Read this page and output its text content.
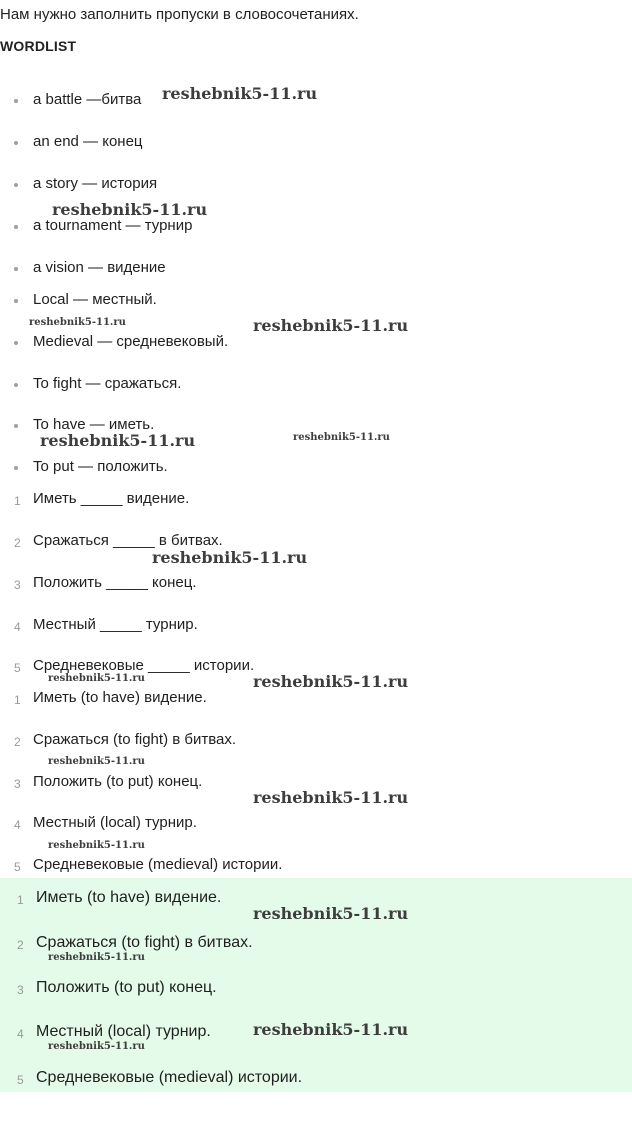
Нам нужно заполнить пропуски в словосочетаниях.

WORDLIST

a battle —битва
an end — конец
a story — история
a tournament — турнир
a vision — видение
Local — местный.
Medieval — средневековый.
To fight — сражаться.
To have — иметь.
To put — положить.
1 Иметь _____ видение.
2 Сражаться _____ в битвах.
3 Положить _____ конец.
4 Местный _____ турнир.
5 Средневековые _____ истории.
1 Иметь (to have) видение.
2 Сражаться (to fight) в битвах.
3 Положить (to put) конец.
4 Местный (local) турнир.
5 Средневековые (medieval) истории.
1 Иметь (to have) видение.
2 Сражаться (to fight) в битвах.
3 Положить (to put) конец.
4 Местный (local) турнир.
5 Средневековые (medieval) истории.
reshebnik5-11.ru
reshebnik5-11.ru
reshebnik5-11.ru	reshebnik5-11.ru
reshebnik5-11.ru	reshebnik5-11.ru
reshebnik5-11.ru
reshebnik5-11.ru	reshebnik5-11.ru
reshebnik5-11.ru
reshebnik5-11.ru
reshebnik5-11.ru
reshebnik5-11.ru
reshebnik5-11.ru
reshebnik5-11.ru
reshebnik5-11.ru
